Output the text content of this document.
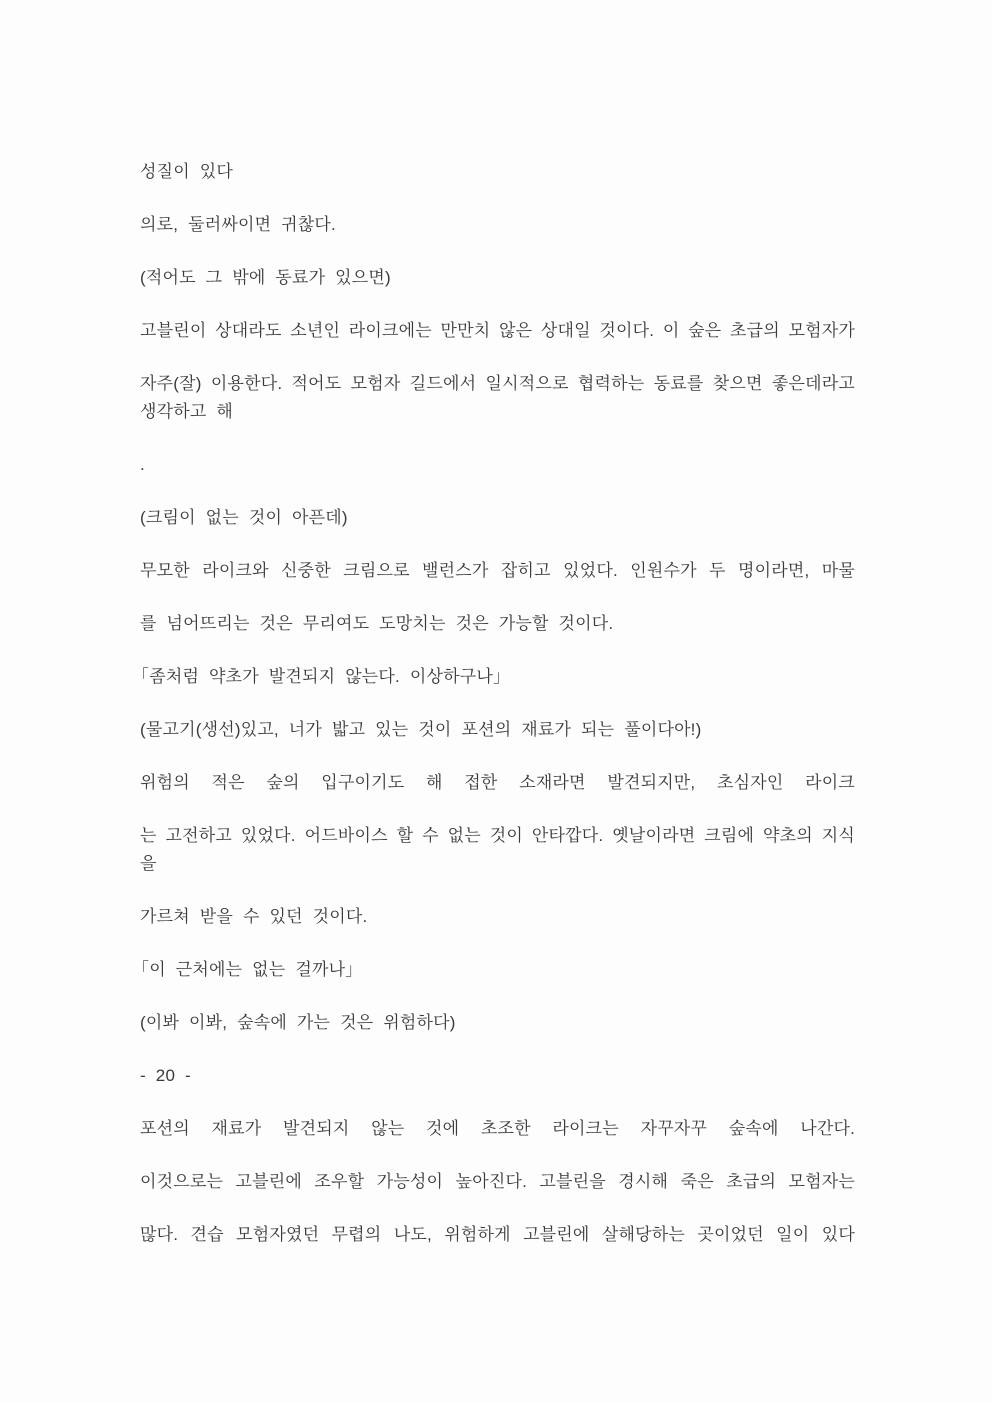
성질이 있다
의로, 둘러싸이면 귀찮다.
(적어도 그 밖에 동료가 있으면)
고블린이 상대라도 소년인 라이크에는 만만치 않은 상대일 것이다. 이 숲은 초급의 모험자가
자주(잘) 이용한다. 적어도 모험자 길드에서 일시적으로 협력하는 동료를 찾으면 좋은데라고
생각하고 해
.
(크림이 없는 것이 아픈데)
무모한 라이크와 신중한 크림으로 밸런스가 잡히고 있었다. 인원수가 두 명이라면, 마물
를 넘어뜨리는 것은 무리여도 도망치는 것은 가능할 것이다.
「좀처럼 약초가 발견되지 않는다. 이상하구나」
(물고기(생선)있고, 너가 밟고 있는 것이 포션의 재료가 되는 풀이다아!)
위험의 적은 숲의 입구이기도 해 접한 소재라면 발견되지만, 초심자인 라이크
는 고전하고 있었다. 어드바이스 할 수 없는 것이 안타깝다. 옛날이라면 크림에 약초의 지식
을
가르쳐 받을 수 있던 것이다.
「이 근처에는 없는 걸까나」
(이봐 이봐, 숲속에 가는 것은 위험하다)
- 20 -
포션의 재료가 발견되지 않는 것에 초조한 라이크는 자꾸자꾸 숲속에 나간다.
이것으로는 고블린에 조우할 가능성이 높아진다. 고블린을 경시해 죽은 초급의 모험자는
많다. 견습 모험자였던 무렵의 나도, 위험하게 고블린에 살해당하는 곳이었던 일이 있다
